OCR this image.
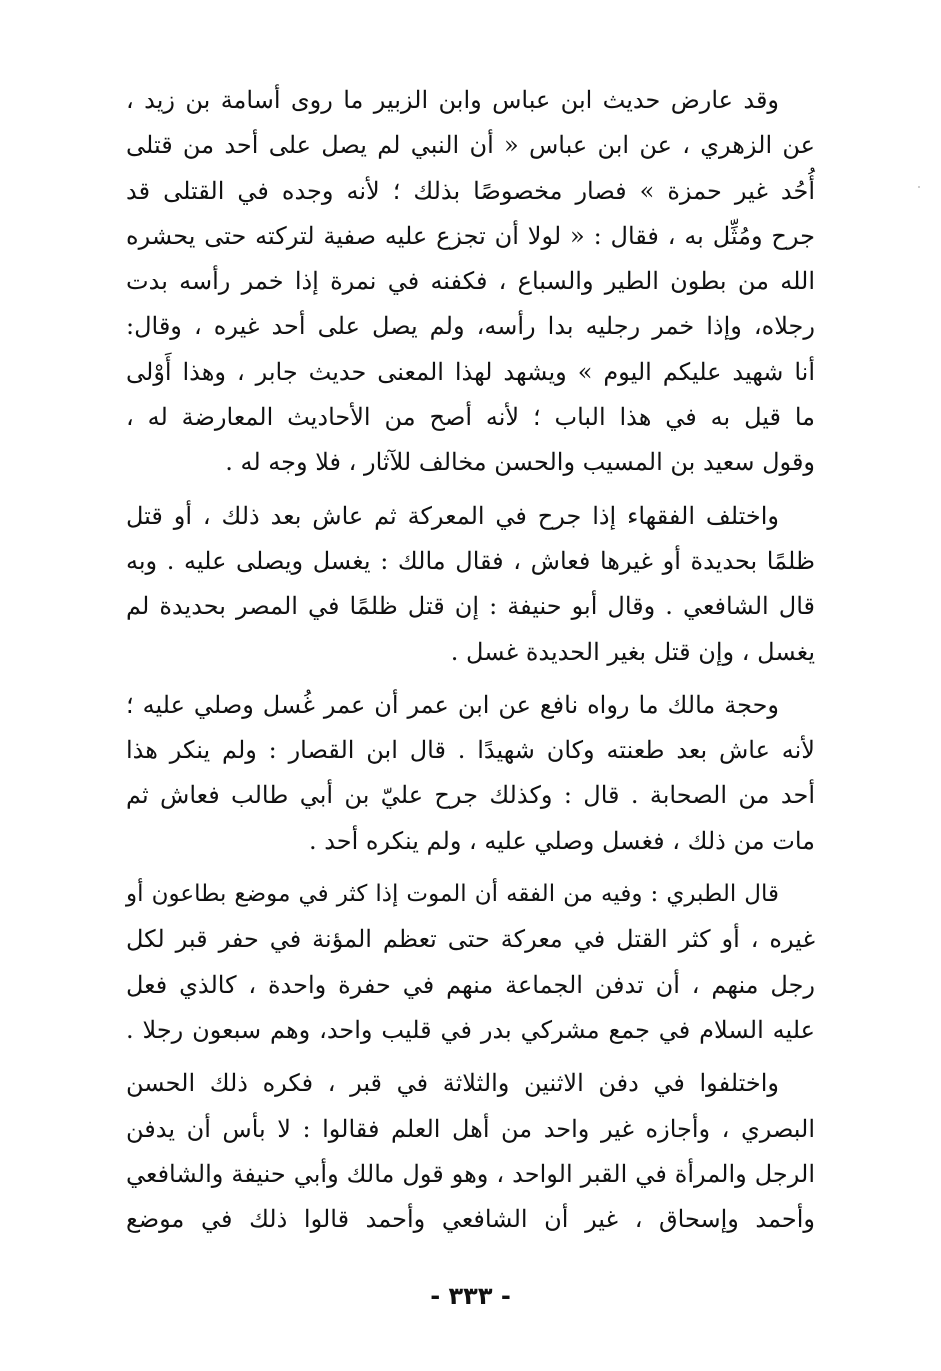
وقد عارض حديث ابن عباس وابن الزبير ما روى أسامة بن زيد ،
عن الزهري ، عن ابن عباس « أن النبي لم يصل على أحد من قتلى
أُحُد غير حمزة » فصار مخصوصًا بذلك ؛ لأنه وجده في القتلى قد
جرح ومُثِّل به ، فقال : « لولا أن تجزع عليه صفية لتركته حتى يحشره
الله من بطون الطير والسباع ، فكفنه في نمرة إذا خمر رأسه بدت
رجلاه، وإذا خمر رجليه بدا رأسه، ولم يصل على أحد غيره ، وقال:
أنا شهيد عليكم اليوم » ويشهد لهذا المعنى حديث جابر ، وهذا أَوْلى
ما قيل به في هذا الباب ؛ لأنه أصح من الأحاديث المعارضة له ،
وقول سعيد بن المسيب والحسن مخالف للآثار ، فلا وجه له .

واختلف الفقهاء إذا جرح في المعركة ثم عاش بعد ذلك ، أو قتل
ظلمًا بحديدة أو غيرها فعاش ، فقال مالك : يغسل ويصلى عليه . وبه
قال الشافعي . وقال أبو حنيفة : إن قتل ظلمًا في المصر بحديدة لم
يغسل ، وإن قتل بغير الحديدة غسل .

وحجة مالك ما رواه نافع عن ابن عمر أن عمر غُسل وصلي عليه ؛
لأنه عاش بعد طعنته وكان شهيدًا . قال ابن القصار : ولم ينكر هذا
أحد من الصحابة . قال : وكذلك جرح عليّ بن أبي طالب فعاش ثم
مات من ذلك ، فغسل وصلي عليه ، ولم ينكره أحد .

قال الطبري : وفيه من الفقه أن الموت إذا كثر في موضع بطاعون أو
غيره ، أو كثر القتل في معركة حتى تعظم المؤنة في حفر قبر لكل
رجل منهم ، أن تدفن الجماعة منهم في حفرة واحدة ، كالذي فعل
عليه السلام في جمع مشركي بدر في قليب واحد، وهم سبعون رجلا .

واختلفوا في دفن الاثنين والثلاثة في قبر ، فكره ذلك الحسن
البصري ، وأجازه غير واحد من أهل العلم فقالوا : لا بأس أن يدفن
الرجل والمرأة في القبر الواحد ، وهو قول مالك وأبي حنيفة والشافعي
وأحمد وإسحاق ، غير أن الشافعي وأحمد قالوا ذلك في موضع

- ٣٣٣ -
